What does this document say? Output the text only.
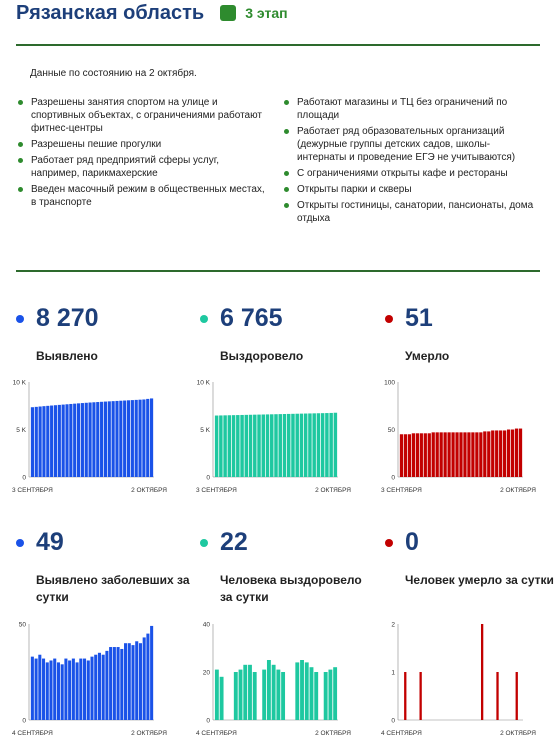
Рязанская область	3 этап
Данные по состоянию на 2 октября.
Разрешены занятия спортом на улице и спортивных объектах, с ограничениями работают фитнес-центры
Разрешены пешие прогулки
Работает ряд предприятий сферы услуг, например, парикмахерские
Введен масочный режим в общественных местах, в транспорте
Работают магазины и ТЦ без ограничений по площади
Работает ряд образовательных организаций (дежурные группы детских садов, школы-интернаты и проведение ЕГЭ не учитываются)
С ограничениями открыты кафе и рестораны
Открыты парки и скверы
Открыты гостиницы, санатории, пансионаты, дома отдыха
8 270
Выявлено
0
5 K
10 K
3 СЕНТЯБРЯ	2 ОКТЯБРЯ
6 765
Выздоровело
0
5 K
10 K
3 СЕНТЯБРЯ	2 ОКТЯБРЯ
51
Умерло
0
50
100
3 СЕНТЯБРЯ	2 ОКТЯБРЯ
49
Выявлено заболевших за сутки
0
50
4 СЕНТЯБРЯ	2 ОКТЯБРЯ
22
Человека выздоровело за сутки
0
20
40
4 СЕНТЯБРЯ	2 ОКТЯБРЯ
0
Человек умерло за сутки
0
1
2
4 СЕНТЯБРЯ	2 ОКТЯБРЯ
